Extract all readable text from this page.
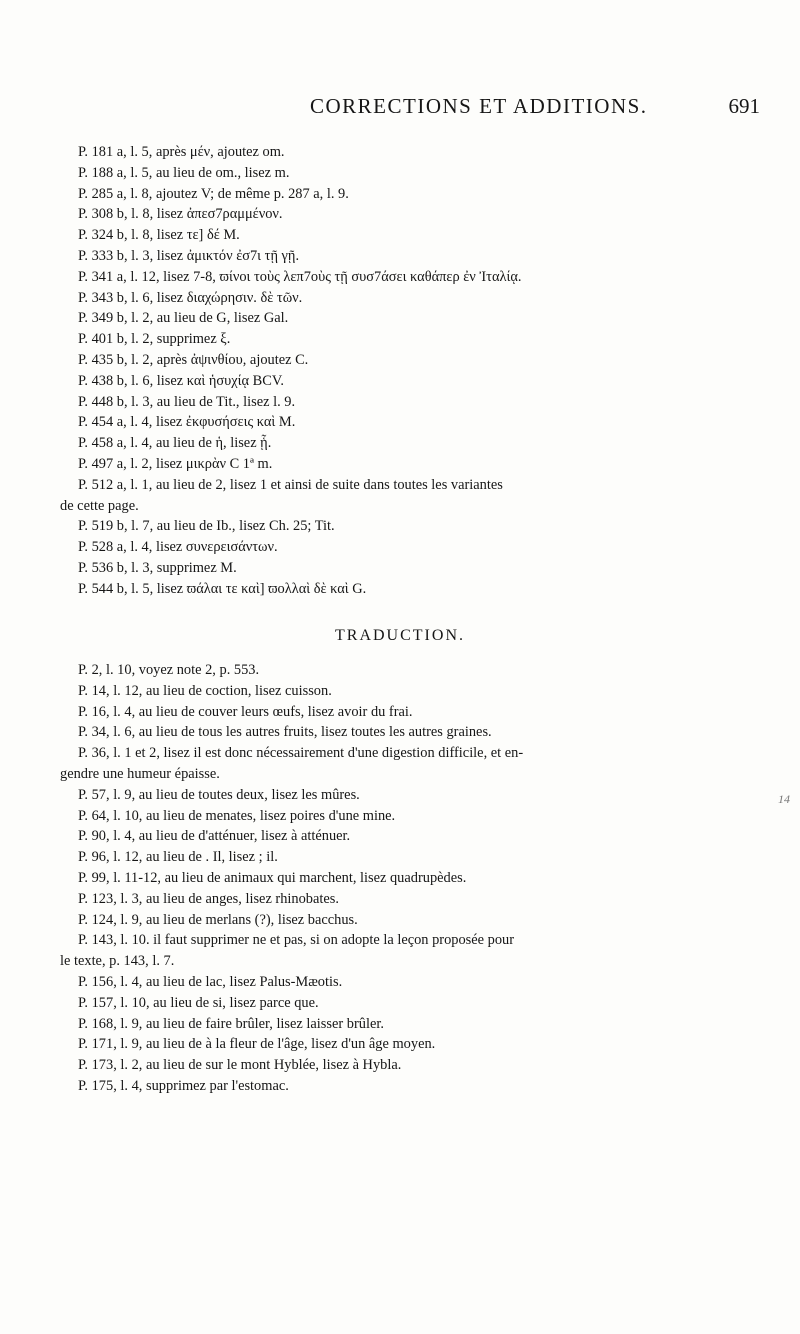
CORRECTIONS ET ADDITIONS.	691
P. 181 a, l. 5, après μέν, ajoutez om.
P. 188 a, l. 5, au lieu de om., lisez m.
P. 285 a, l. 8, ajoutez V; de même p. 287 a, l. 9.
P. 308 b, l. 8, lisez ἀπεσ7ραμμένον.
P. 324 b, l. 8, lisez τε] δέ M.
P. 333 b, l. 3, lisez ἀμικτόν ἐσ7ι τῇ γῇ.
P. 341 a, l. 12, lisez 7-8, ϖίνοι τοὺς λεπ7οὺς τῇ συσ7άσει καθάπερ ἐν Ἰταλίᾳ.
P. 343 b, l. 6, lisez διαχώρησιν. δὲ τῶν.
P. 349 b, l. 2, au lieu de G, lisez Gal.
P. 401 b, l. 2, supprimez ξ.
P. 435 b, l. 2, après ἀψινθίου, ajoutez C.
P. 438 b, l. 6, lisez καὶ ἡσυχίᾳ BCV.
P. 448 b, l. 3, au lieu de Tit., lisez l. 9.
P. 454 a, l. 4, lisez ἐκφυσήσεις καὶ M.
P. 458 a, l. 4, au lieu de ἡ, lisez ᾗ.
P. 497 a, l. 2, lisez μικρὰν C 1ª m.
P. 512 a, l. 1, au lieu de 2, lisez 1 et ainsi de suite dans toutes les variantes
de cette page.
P. 519 b, l. 7, au lieu de Ib., lisez Ch. 25; Tit.
P. 528 a, l. 4, lisez συνερεισάντων.
P. 536 b, l. 3, supprimez M.
P. 544 b, l. 5, lisez ϖάλαι τε καὶ] ϖολλαὶ δὲ καὶ G.
TRADUCTION.
P. 2, l. 10, voyez note 2, p. 553.
P. 14, l. 12, au lieu de coction, lisez cuisson.
P. 16, l. 4, au lieu de couver leurs œufs, lisez avoir du frai.
P. 34, l. 6, au lieu de tous les autres fruits, lisez toutes les autres graines.
P. 36, l. 1 et 2, lisez il est donc nécessairement d'une digestion difficile, et en-
gendre une humeur épaisse.
P. 57, l. 9, au lieu de toutes deux, lisez les mûres.
P. 64, l. 10, au lieu de menates, lisez poires d'une mine.
P. 90, l. 4, au lieu de d'atténuer, lisez à atténuer.
P. 96, l. 12, au lieu de . Il, lisez ; il.
P. 99, l. 11-12, au lieu de animaux qui marchent, lisez quadrupèdes.
P. 123, l. 3, au lieu de anges, lisez rhinobates.
P. 124, l. 9, au lieu de merlans (?), lisez bacchus.
P. 143, l. 10. il faut supprimer ne et pas, si on adopte la leçon proposée pour
le texte, p. 143, l. 7.
P. 156, l. 4, au lieu de lac, lisez Palus-Mæotis.
P. 157, l. 10, au lieu de si, lisez parce que.
P. 168, l. 9, au lieu de faire brûler, lisez laisser brûler.
P. 171, l. 9, au lieu de à la fleur de l'âge, lisez d'un âge moyen.
P. 173, l. 2, au lieu de sur le mont Hyblée, lisez à Hybla.
P. 175, l. 4, supprimez par l'estomac.
14
